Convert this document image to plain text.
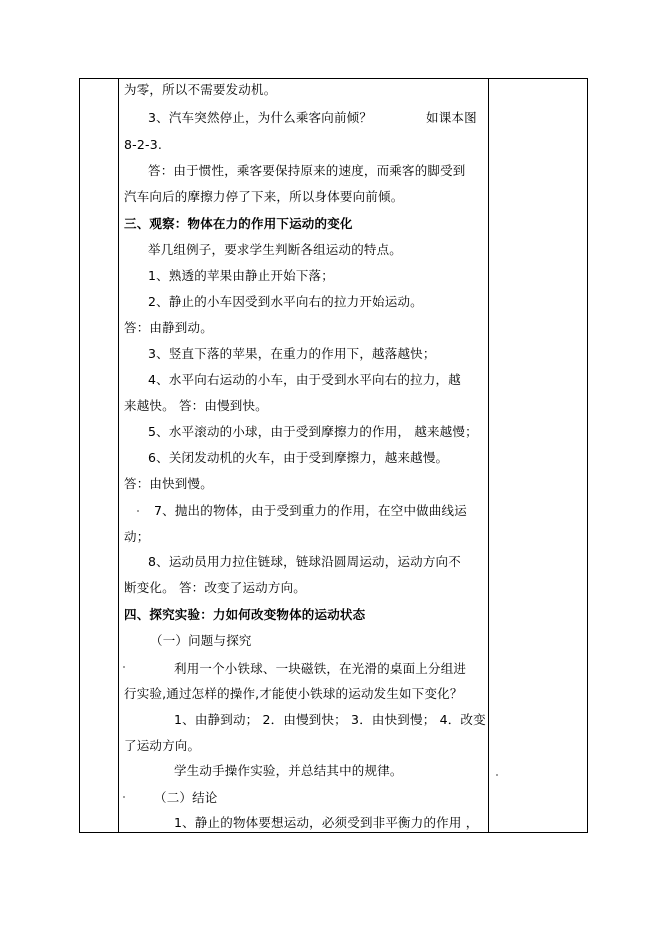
为零，所以不需要发动机。
3、汽车突然停止，为什么乘客向前倾？	如课本图
8-2-3.
答：由于惯性，乘客要保持原来的速度，而乘客的脚受到
汽车向后的摩擦力停了下来，所以身体要向前倾。
三、观察：物体在力的作用下运动的变化
举几组例子，要求学生判断各组运动的特点。
1、熟透的苹果由静止开始下落；
2、静止的小车因受到水平向右的拉力开始运动。
答：由静到动。
3、竖直下落的苹果，在重力的作用下，越落越快；
4、水平向右运动的小车，由于受到水平向右的拉力，越
来越快。 答：由慢到快。
5、水平滚动的小球，由于受到摩擦力的作用， 越来越慢；
6、关闭发动机的火车，由于受到摩擦力，越来越慢。
答：由快到慢。
7、抛出的物体，由于受到重力的作用，在空中做曲线运
动；
8、运动员用力拉住链球，链球沿圆周运动，运动方向不
断变化。 答：改变了运动方向。
四、探究实验：力如何改变物体的运动状态
（一）问题与探究
利用一个小铁球、一块磁铁，在光滑的桌面上分组进
行实验,通过怎样的操作,才能使小铁球的运动发生如下变化？
1、由静到动； 2．由慢到快； 3．由快到慢； 4．改变
了运动方向。
学生动手操作实验，并总结其中的规律。
（二）结论
1、静止的物体要想运动，必须受到非平衡力的作用 ，
